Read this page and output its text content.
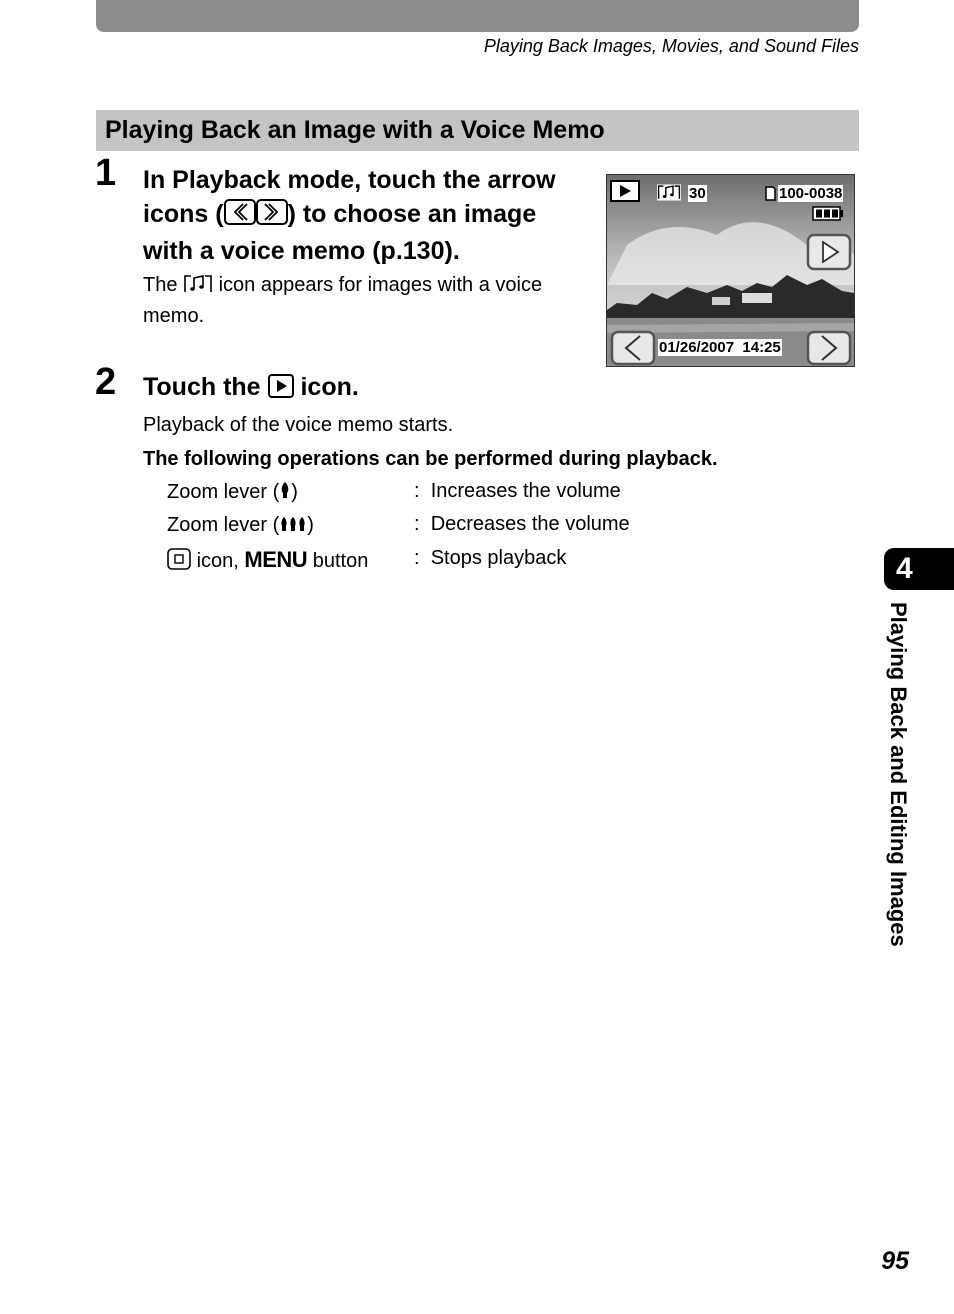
Playing Back Images, Movies, and Sound Files
Playing Back an Image with a Voice Memo
1 In Playback mode, touch the arrow
icons (	) to choose an image
with a voice memo (p.130).
The icon appears for images with a voice
memo.
30	100-0038
01/26/2007  14:25
2 Touch the icon.
Playback of the voice memo starts.
The following operations can be performed during playback.
Zoom lever ( )	: Increases the volume
Zoom lever ( )	: Decreases the volume
icon, MENU button : Stops playback	4
Playing Back and Editing Images
95
